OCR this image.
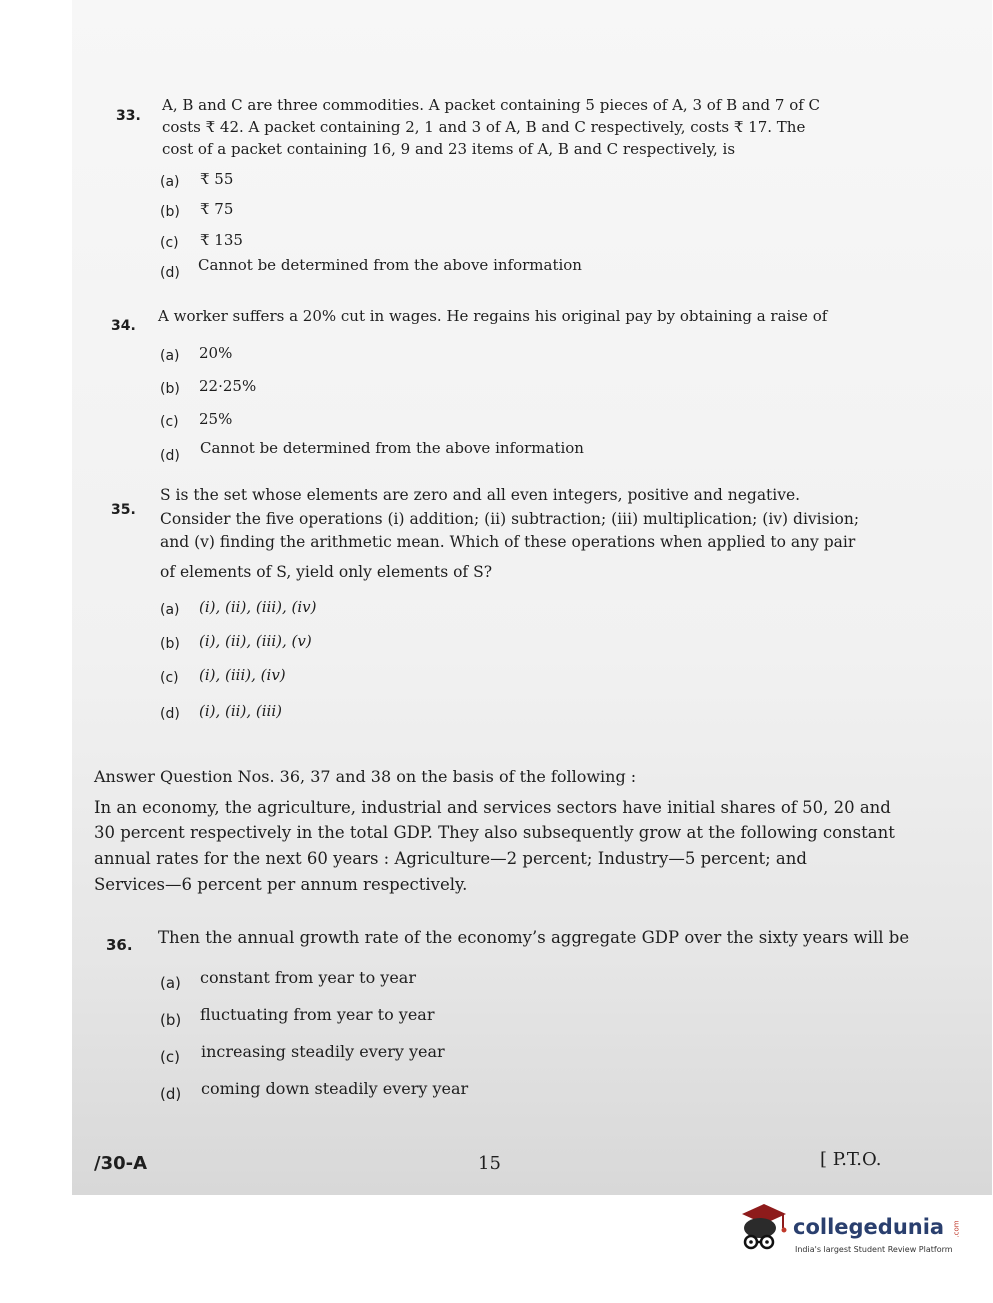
33.
A, B and C are three commodities. A packet containing 5 pieces of A, 3 of B and 7 of C
costs ₹ 42. A packet containing 2, 1 and 3 of A, B and C respectively, costs ₹ 17. The
cost of a packet containing 16, 9 and 23 items of A, B and C respectively, is
(a) ₹ 55
(b) ₹ 75
(c) ₹ 135
(d) Cannot be determined from the above information
34.
A worker suffers a 20% cut in wages. He regains his original pay by obtaining a raise of
(a) 20%
(b) 22·25%
(c) 25%
(d) Cannot be determined from the above information
35.
S is the set whose elements are zero and all even integers, positive and negative.
Consider the five operations (i) addition; (ii) subtraction; (iii) multiplication; (iv) division;
and (v) finding the arithmetic mean. Which of these operations when applied to any pair
of elements of S, yield only elements of S?
(a) (i), (ii), (iii), (iv)
(b) (i), (ii), (iii), (v)
(c) (i), (iii), (iv)
(d) (i), (ii), (iii)
Answer Question Nos. 36, 37 and 38 on the basis of the following :
In an economy, the agriculture, industrial and services sectors have initial shares of 50, 20 and
30 percent respectively in the total GDP. They also subsequently grow at the following constant
annual rates for the next 60 years : Agriculture—2 percent; Industry—5 percent; and
Services—6 percent per annum respectively.
36. Then the annual growth rate of the economy’s aggregate GDP over the sixty years will be
(a) constant from year to year
(b) fluctuating from year to year
(c) increasing steadily every year
(d) coming down steadily every year
/30-A	15	[ P.T.O.
collegedunia .com
India's largest Student Review Platform
